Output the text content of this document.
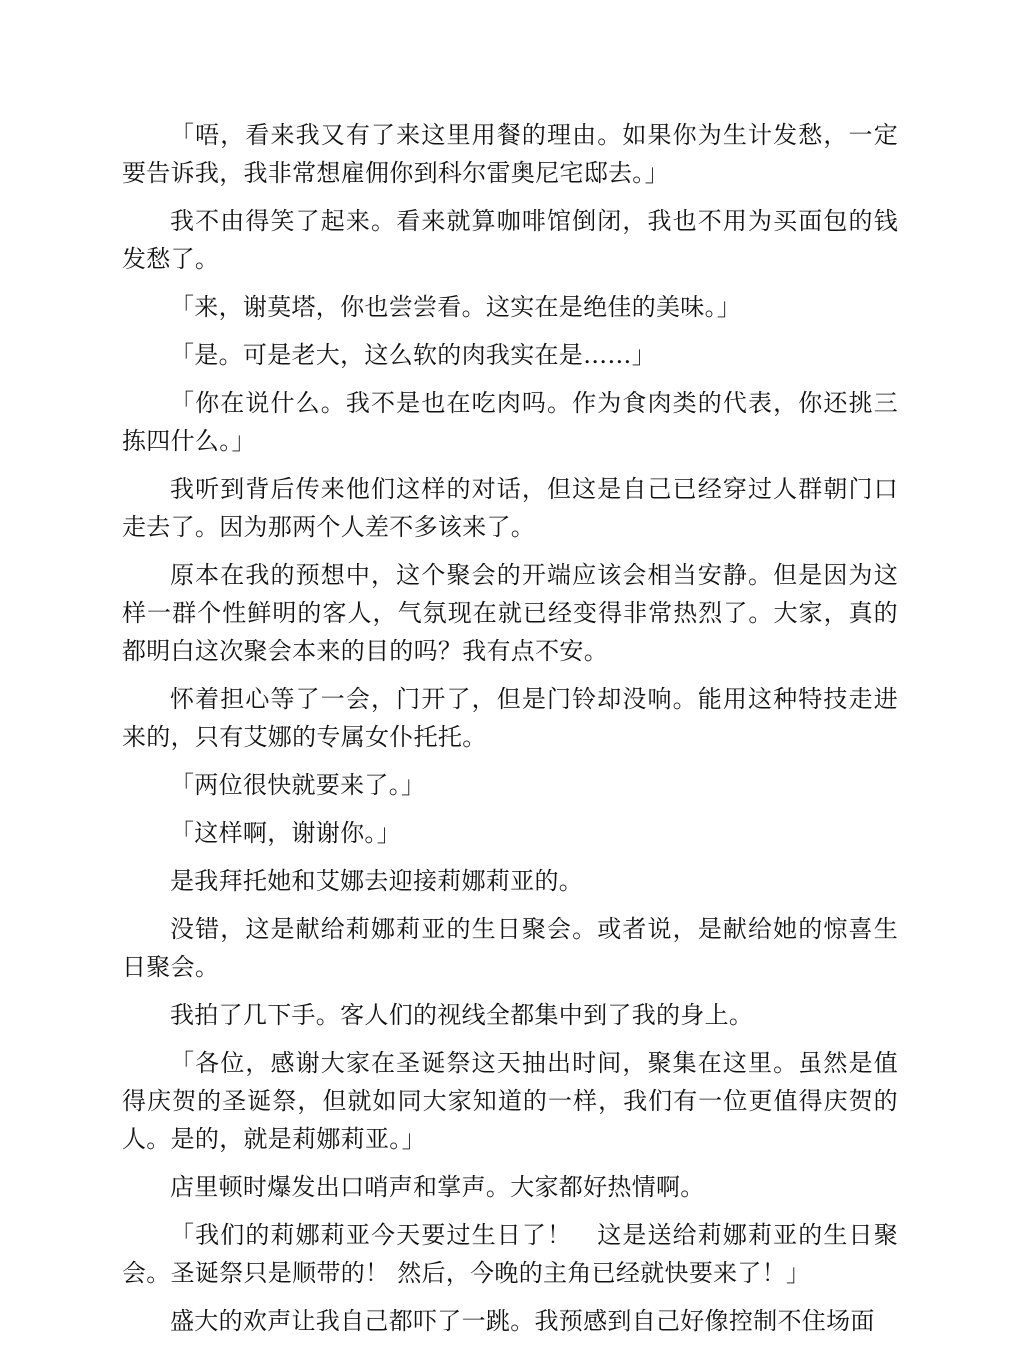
「唔，看来我又有了来这里用餐的理由。如果你为生计发愁，一定要告诉我，我非常想雇佣你到科尔雷奥尼宅邸去。」

我不由得笑了起来。看来就算咖啡馆倒闭，我也不用为买面包的钱发愁了。

「来，谢莫塔，你也尝尝看。这实在是绝佳的美味。」

「是。可是老大，这么软的肉我实在是……」

「你在说什么。我不是也在吃肉吗。作为食肉类的代表，你还挑三拣四什么。」

我听到背后传来他们这样的对话，但这是自己已经穿过人群朝门口走去了。因为那两个人差不多该来了。

原本在我的预想中，这个聚会的开端应该会相当安静。但是因为这样一群个性鲜明的客人，气氛现在就已经变得非常热烈了。大家，真的都明白这次聚会本来的目的吗？我有点不安。

怀着担心等了一会，门开了，但是门铃却没响。能用这种特技走进来的，只有艾娜的专属女仆托托。

「两位很快就要来了。」

「这样啊，谢谢你。」

是我拜托她和艾娜去迎接莉娜莉亚的。

没错，这是献给莉娜莉亚的生日聚会。或者说，是献给她的惊喜生日聚会。

我拍了几下手。客人们的视线全都集中到了我的身上。

「各位，感谢大家在圣诞祭这天抽出时间，聚集在这里。虽然是值得庆贺的圣诞祭，但就如同大家知道的一样，我们有一位更值得庆贺的人。是的，就是莉娜莉亚。」

店里顿时爆发出口哨声和掌声。大家都好热情啊。

「我们的莉娜莉亚今天要过生日了！　这是送给莉娜莉亚的生日聚会。圣诞祭只是顺带的！ 然后，今晚的主角已经就快要来了！」

盛大的欢声让我自己都吓了一跳。我预感到自己好像控制不住场面
